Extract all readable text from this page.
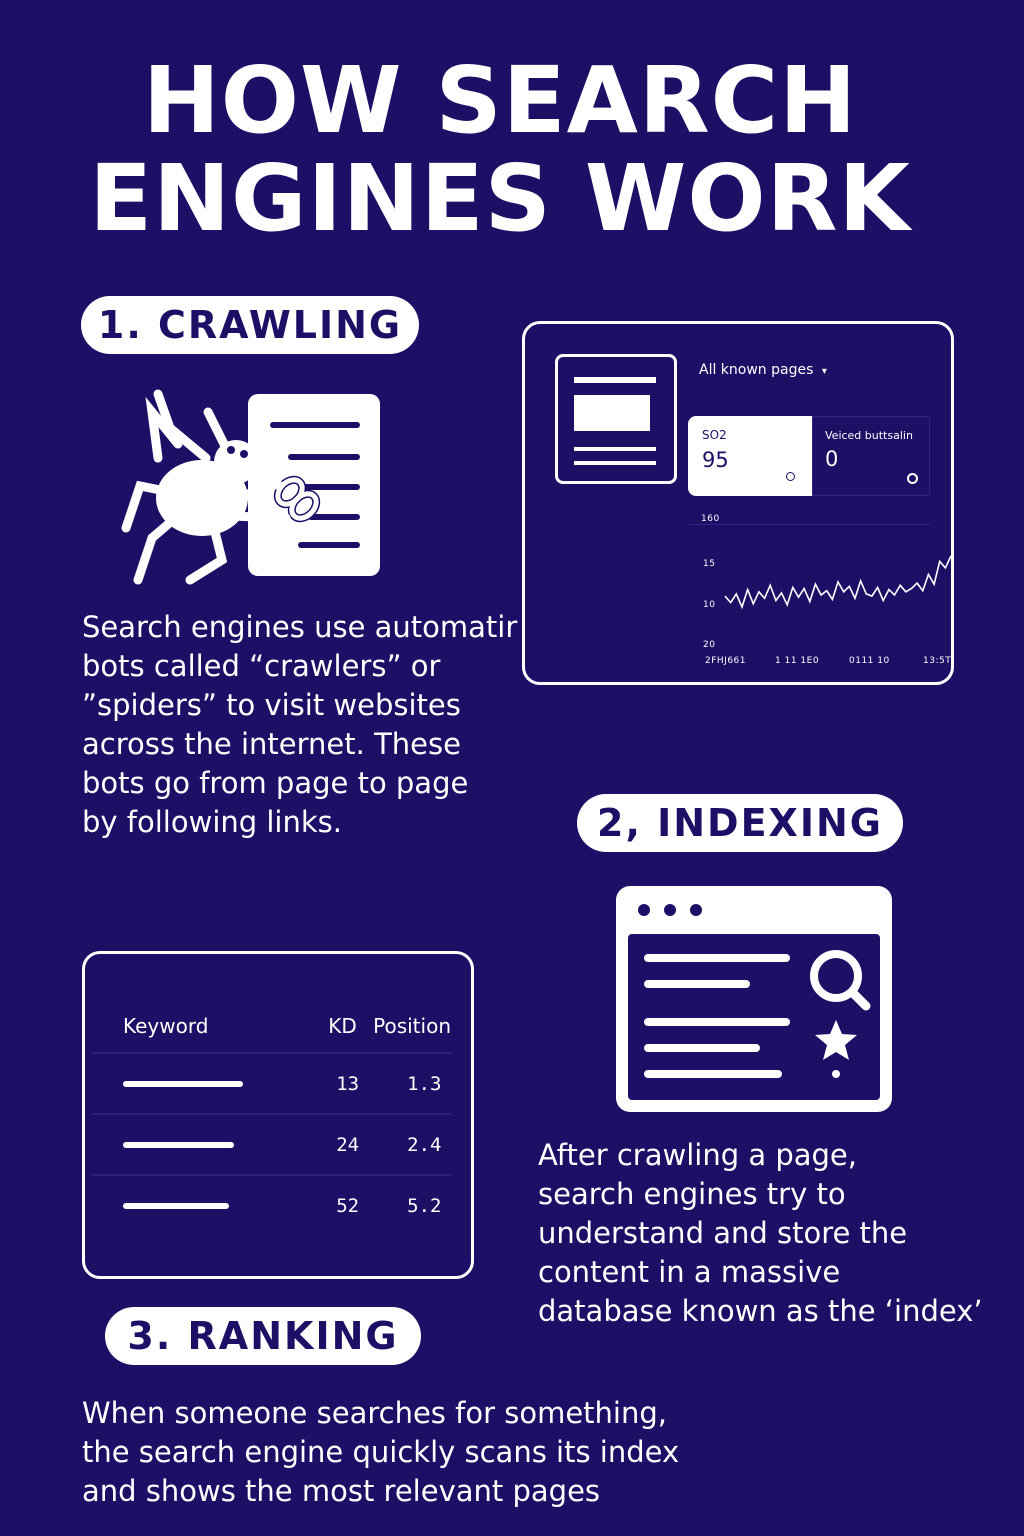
HOW SEARCH
ENGINES WORK
1. CRAWLING

Search engines use automatir
bots called “crawlers” or
”spiders” to visit websites
across the internet. These
bots go from page to page
by following links.

All known pages ▾
SO2
95
Veiced buttsalin
0
160
15
10
20
2FHJ661	1 11 1E0	0111 10	13:5T
2, INDEXING

After crawling a page,
search engines try to
understand and store the
content in a massive
database known as the ‘index’

Keyword	KD	Position

	13	1.3

	24	2.4

	52	5.2
3. RANKING

When someone searches for something,
the search engine quickly scans its index
and shows the most relevant pages
